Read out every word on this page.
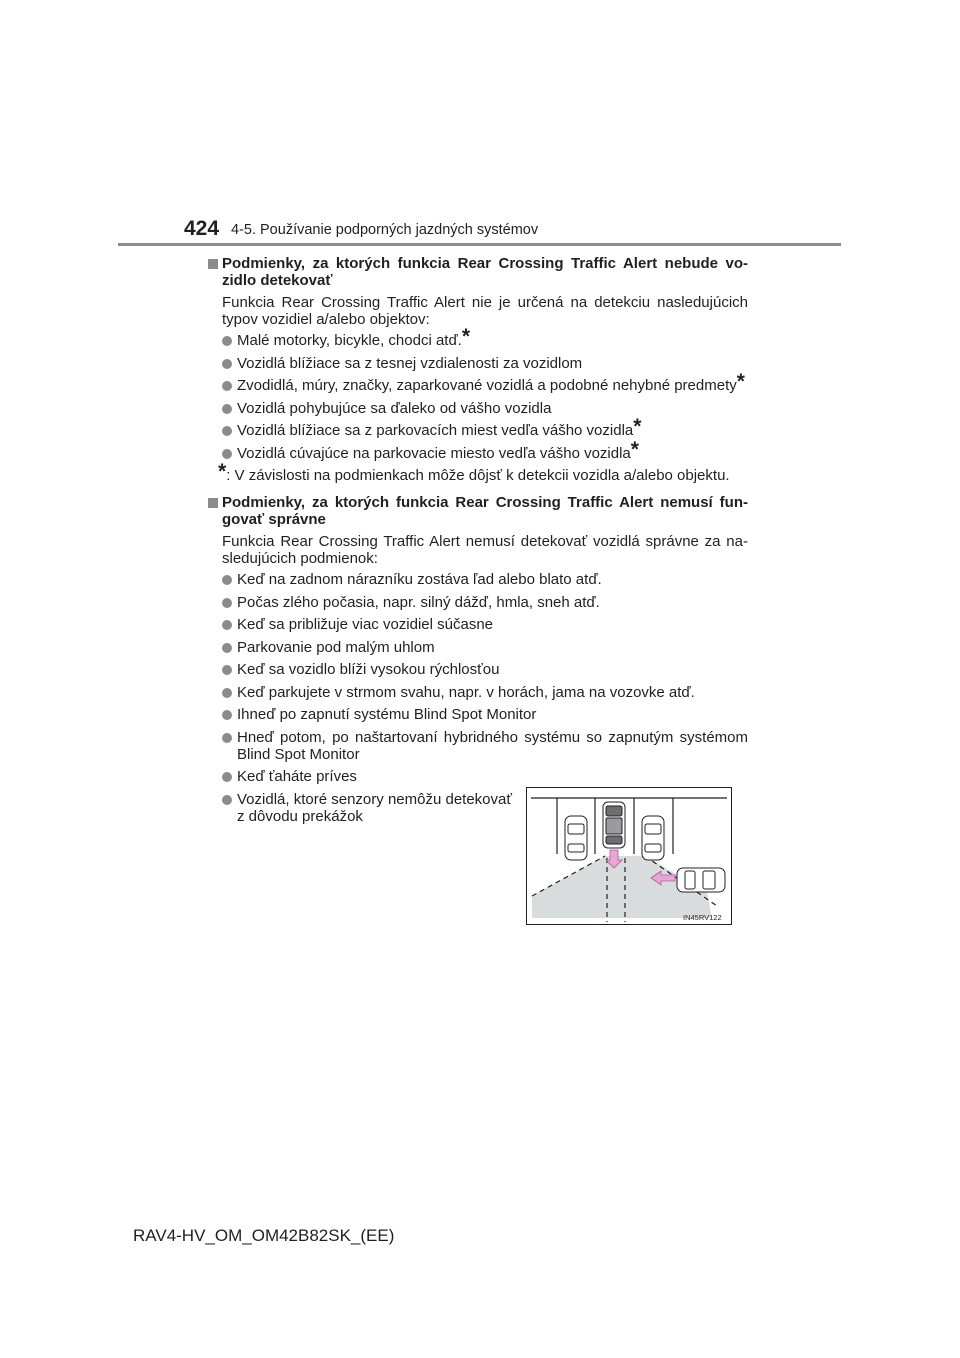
424 4-5. Používanie podporných jazdných systémov
Podmienky, za ktorých funkcia Rear Crossing Traffic Alert nebude vo-zidlo detekovať
Funkcia Rear Crossing Traffic Alert nie je určená na detekciu nasledujúcich typov vozidiel a/alebo objektov:
Malé motorky, bicykle, chodci atď.*
Vozidlá blížiace sa z tesnej vzdialenosti za vozidlom
Zvodidlá, múry, značky, zaparkované vozidlá a podobné nehybné predmety*
Vozidlá pohybujúce sa ďaleko od vášho vozidla
Vozidlá blížiace sa z parkovacích miest vedľa vášho vozidla*
Vozidlá cúvajúce na parkovacie miesto vedľa vášho vozidla*
*: V závislosti na podmienkach môže dôjsť k detekcii vozidla a/alebo objektu.
Podmienky, za ktorých funkcia Rear Crossing Traffic Alert nemusí fun-govať správne
Funkcia Rear Crossing Traffic Alert nemusí detekovať vozidlá správne za na-sledujúcich podmienok:
Keď na zadnom nárazníku zostáva ľad alebo blato atď.
Počas zlého počasia, napr. silný dážď, hmla, sneh atď.
Keď sa približuje viac vozidiel súčasne
Parkovanie pod malým uhlom
Keď sa vozidlo blíži vysokou rýchlosťou
Keď parkujete v strmom svahu, napr. v horách, jama na vozovke atď.
Ihneď po zapnutí systému Blind Spot Monitor
Hneď potom, po naštartovaní hybridného systému so zapnutým systémom Blind Spot Monitor
Keď ťaháte príves
Vozidlá, ktoré senzory nemôžu detekovať z dôvodu prekážok
IN45RV122
RAV4-HV_OM_OM42B82SK_(EE)
